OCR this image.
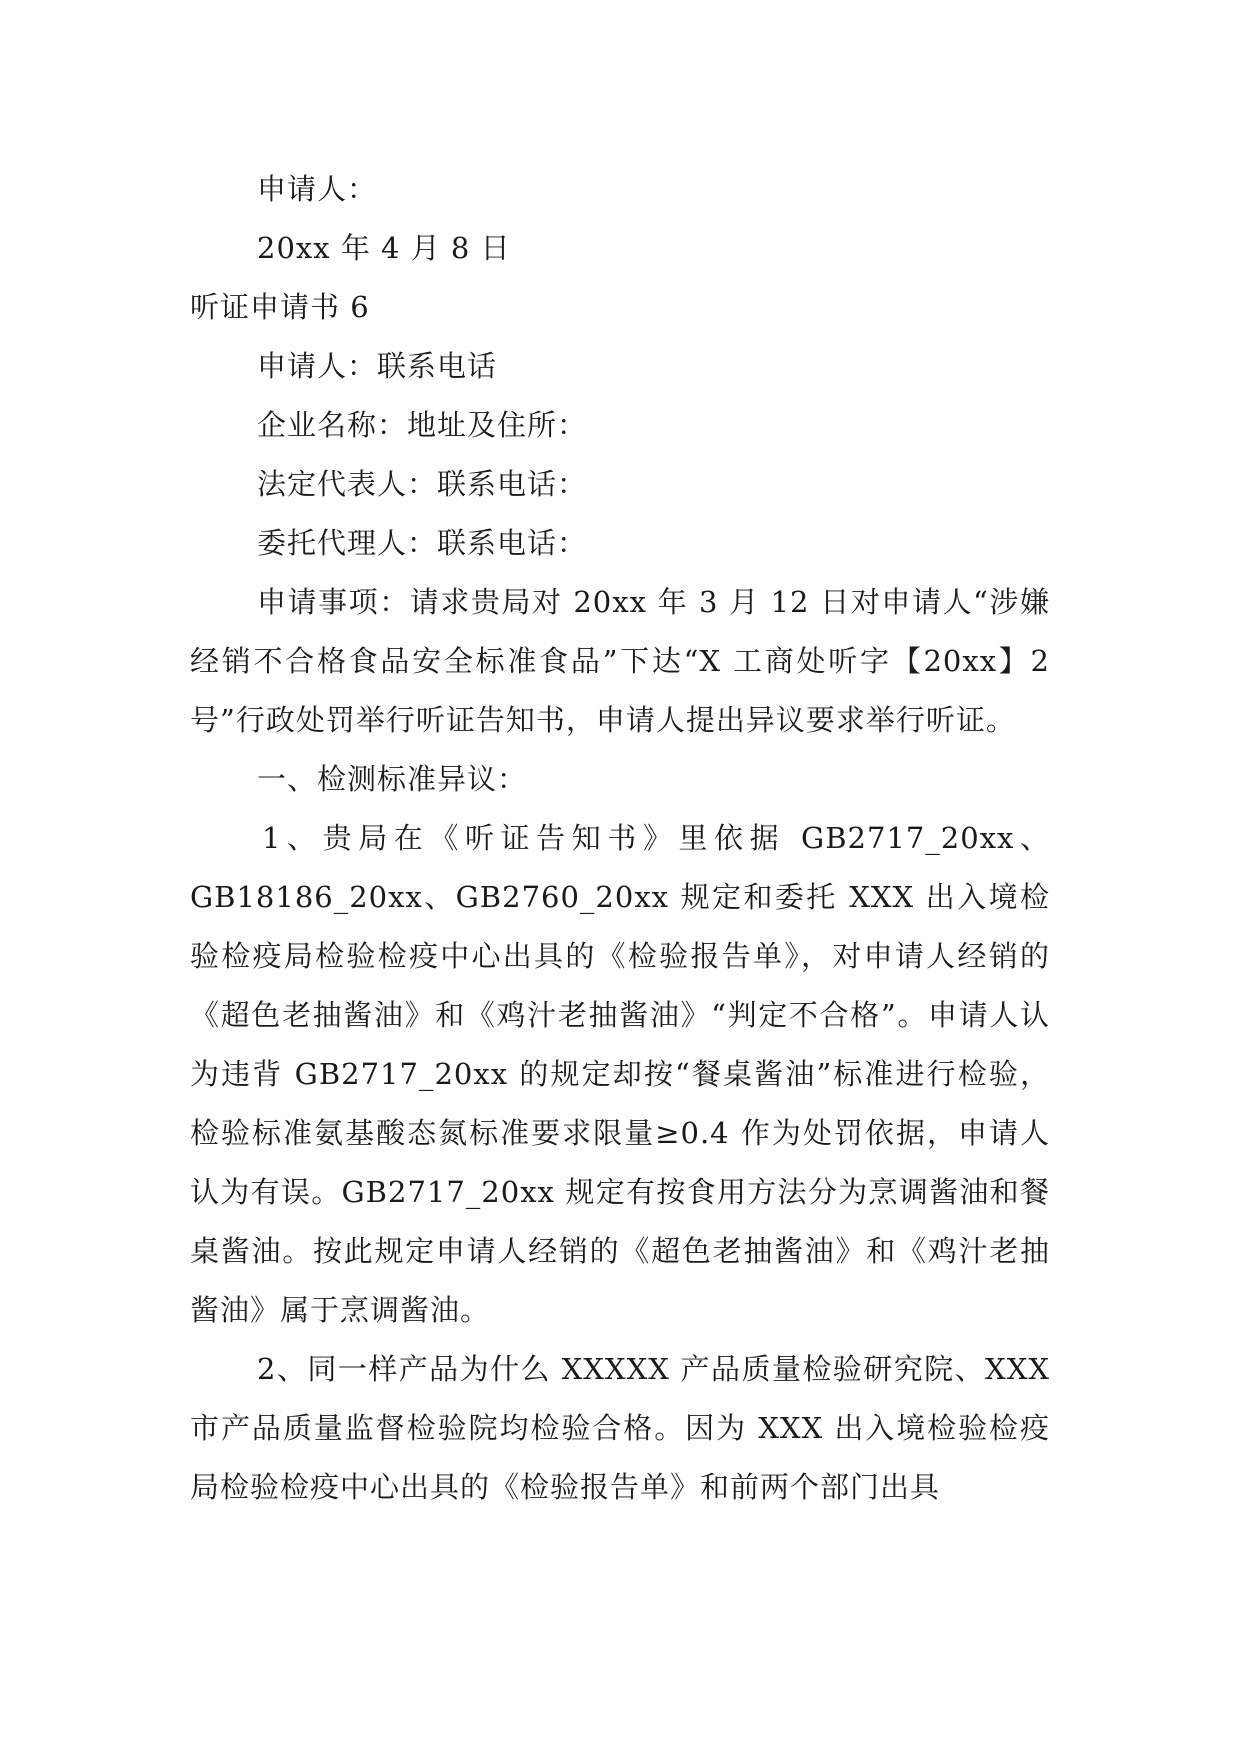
申请人：
20xx 年 4 月 8 日
听证申请书 6
申请人：联系电话
企业名称：地址及住所：
法定代表人：联系电话：
委托代理人：联系电话：

申请事项：请求贵局对 20xx 年 3 月 12 日对申请人“涉嫌经销不合格食品安全标准食品”下达“X 工商处听字【20xx】2 号”行政处罚举行听证告知书，申请人提出异议要求举行听证。

一、检测标准异议：

1、贵局在《听证告知书》里依据 GB2717_20xx、GB18186_20xx、GB2760_20xx 规定和委托 XXX 出入境检验检疫局检验检疫中心出具的《检验报告单》，对申请人经销的《超色老抽酱油》和《鸡汁老抽酱油》“判定不合格”。申请人认为违背 GB2717_20xx 的规定却按“餐桌酱油”标准进行检验，检验标准氨基酸态氮标准要求限量≥0.4 作为处罚依据，申请人认为有误。GB2717_20xx 规定有按食用方法分为烹调酱油和餐桌酱油。按此规定申请人经销的《超色老抽酱油》和《鸡汁老抽酱油》属于烹调酱油。

2、同一样产品为什么 XXXXX 产品质量检验研究院、XXX 市产品质量监督检验院均检验合格。因为 XXX 出入境检验检疫局检验检疫中心出具的《检验报告单》和前两个部门出具
